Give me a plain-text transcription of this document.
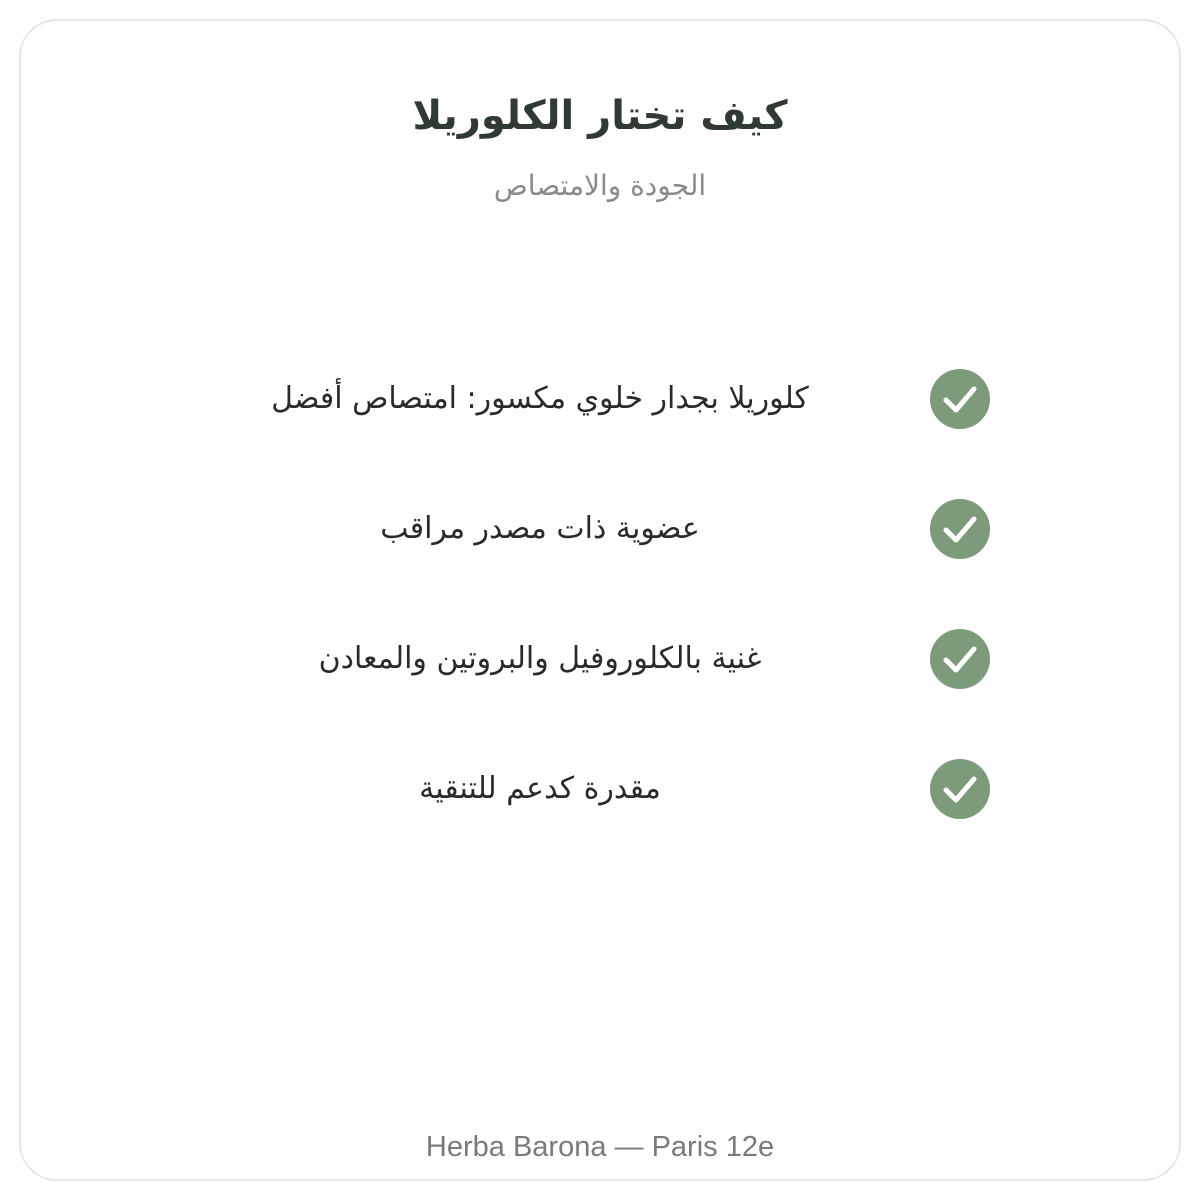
كيف تختار الكلوريلا
الجودة والامتصاص
كلوريلا بجدار خلوي مكسور: امتصاص أفضل
عضوية ذات مصدر مراقب
غنية بالكلوروفيل والبروتين والمعادن
مقدرة كدعم للتنقية
Herba Barona — Paris 12e
